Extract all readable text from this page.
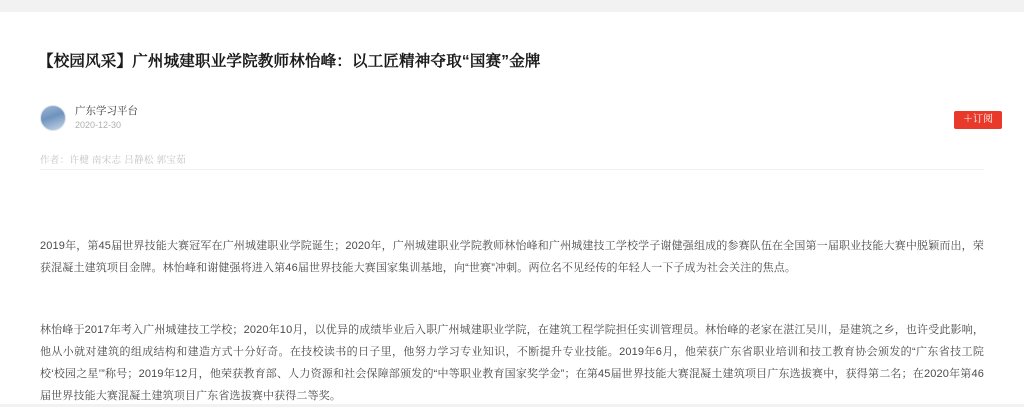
【校园风采】广州城建职业学院教师林怡峰：以工匠精神夺取“国赛”金牌
广东学习平台
2020-12-30	＋订阅
作者：许楗 南宋志 吕静松 郭宝茹

2019年，第45届世界技能大赛冠军在广州城建职业学院诞生；2020年，广州城建职业学院教师林怡峰和广州城建技工学校学子谢健强组成的参赛队伍在全国第一届职业技能大赛中脱颖而出，荣获混凝土建筑项目金牌。林怡峰和谢健强将进入第46届世界技能大赛国家集训基地，向“世赛”冲刺。两位名不见经传的年轻人一下子成为社会关注的焦点。

林怡峰于2017年考入广州城建技工学校；2020年10月，以优异的成绩毕业后入职广州城建职业学院，在建筑工程学院担任实训管理员。林怡峰的老家在湛江吴川，是建筑之乡，也许受此影响，他从小就对建筑的组成结构和建造方式十分好奇。在技校读书的日子里，他努力学习专业知识，不断提升专业技能。2019年6月，他荣获广东省职业培训和技工教育协会颁发的“广东省技工院校‘校园之星’”称号；2019年12月，他荣获教育部、人力资源和社会保障部颁发的“中等职业教育国家奖学金”；在第45届世界技能大赛混凝土建筑项目广东选拔赛中，获得第二名；在2020年第46届世界技能大赛混凝土建筑项目广东省选拔赛中获得二等奖。
